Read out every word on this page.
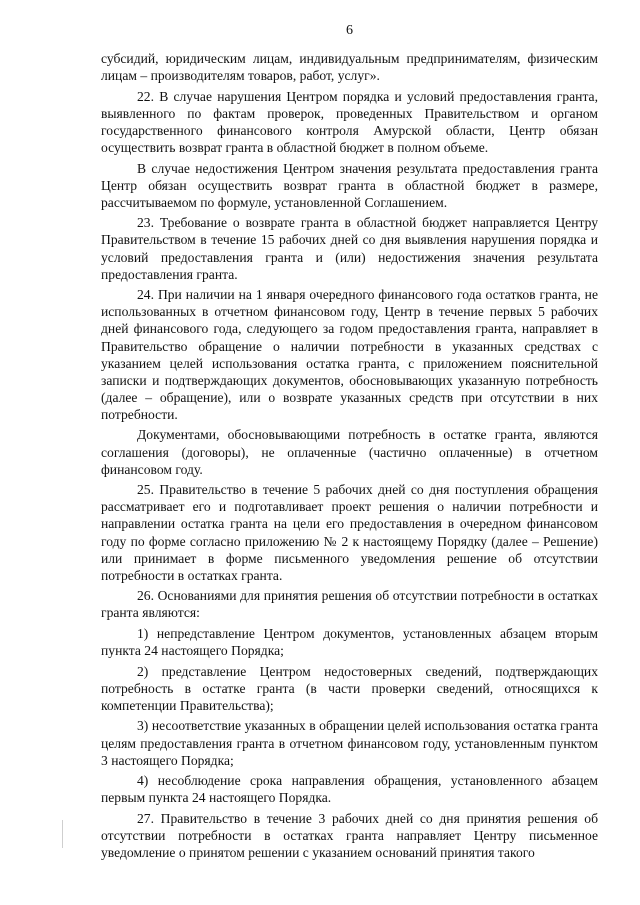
6

субсидий, юридическим лицам, индивидуальным предпринимателям, физическим лицам – производителям товаров, работ, услуг».

22. В случае нарушения Центром порядка и условий предоставления гранта, выявленного по фактам проверок, проведенных Правительством и органом государственного финансового контроля Амурской области, Центр обязан осуществить возврат гранта в областной бюджет в полном объеме.

В случае недостижения Центром значения результата предоставления гранта Центр обязан осуществить возврат гранта в областной бюджет в размере, рассчитываемом по формуле, установленной Соглашением.

23. Требование о возврате гранта в областной бюджет направляется Центру Правительством в течение 15 рабочих дней со дня выявления нарушения порядка и условий предоставления гранта и (или) недостижения значения результата предоставления гранта.

24. При наличии на 1 января очередного финансового года остатков гранта, не использованных в отчетном финансовом году, Центр в течение первых 5 рабочих дней финансового года, следующего за годом предоставления гранта, направляет в Правительство обращение о наличии потребности в указанных средствах с указанием целей использования остатка гранта, с приложением пояснительной записки и подтверждающих документов, обосновывающих указанную потребность (далее – обращение), или о возврате указанных средств при отсутствии в них потребности.

Документами, обосновывающими потребность в остатке гранта, являются соглашения (договоры), не оплаченные (частично оплаченные) в отчетном финансовом году.

25. Правительство в течение 5 рабочих дней со дня поступления обращения рассматривает его и подготавливает проект решения о наличии потребности и направлении остатка гранта на цели его предоставления в очередном финансовом году по форме согласно приложению № 2 к настоящему Порядку (далее – Решение) или принимает в форме письменного уведомления решение об отсутствии потребности в остатках гранта.

26. Основаниями для принятия решения об отсутствии потребности в остатках гранта являются:

1) непредставление Центром документов, установленных абзацем вторым пункта 24 настоящего Порядка;

2) представление Центром недостоверных сведений, подтверждающих потребность в остатке гранта (в части проверки сведений, относящихся к компетенции Правительства);

3) несоответствие указанных в обращении целей использования остатка гранта целям предоставления гранта в отчетном финансовом году, установленным пунктом 3 настоящего Порядка;

4) несоблюдение срока направления обращения, установленного абзацем первым пункта 24 настоящего Порядка.

27. Правительство в течение 3 рабочих дней со дня принятия решения об отсутствии потребности в остатках гранта направляет Центру письменное уведомление о принятом решении с указанием оснований принятия такого
